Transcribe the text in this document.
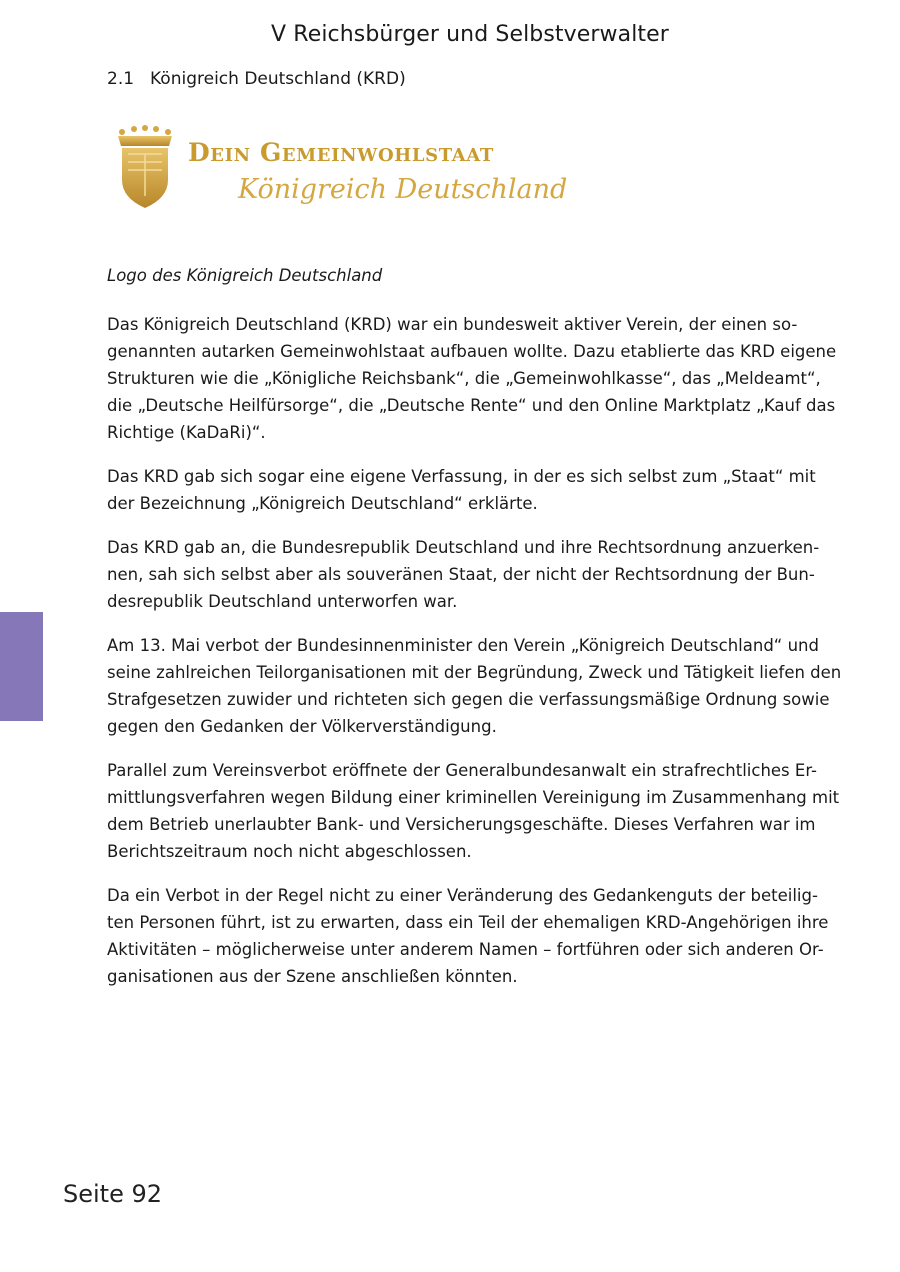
V Reichsbürger und Selbstverwalter
2.1 Königreich Deutschland (KRD)
Dein Gemeinwohlstaat
Königreich Deutschland
Logo des Königreich Deutschland

Das Königreich Deutschland (KRD) war ein bundesweit aktiver Verein, der einen so-genannten autarken Gemeinwohlstaat aufbauen wollte. Dazu etablierte das KRD eigene Strukturen wie die „Königliche Reichsbank“, die „Gemeinwohlkasse“, das „Meldeamt“, die „Deutsche Heilfürsorge“, die „Deutsche Rente“ und den Online Marktplatz „Kauf das Richtige (KaDaRi)“.

Das KRD gab sich sogar eine eigene Verfassung, in der es sich selbst zum „Staat“ mit der Bezeichnung „Königreich Deutschland“ erklärte.

Das KRD gab an, die Bundesrepublik Deutschland und ihre Rechtsordnung anzuerken-nen, sah sich selbst aber als souveränen Staat, der nicht der Rechtsordnung der Bun-desrepublik Deutschland unterworfen war.

Am 13. Mai verbot der Bundesinnenminister den Verein „Königreich Deutschland“ und seine zahlreichen Teilorganisationen mit der Begründung, Zweck und Tätigkeit liefen den Strafgesetzen zuwider und richteten sich gegen die verfassungsmäßige Ordnung sowie gegen den Gedanken der Völkerverständigung.

Parallel zum Vereinsverbot eröffnete der Generalbundesanwalt ein strafrechtliches Er-mittlungsverfahren wegen Bildung einer kriminellen Vereinigung im Zusammenhang mit dem Betrieb unerlaubter Bank- und Versicherungsgeschäfte. Dieses Verfahren war im Berichtszeitraum noch nicht abgeschlossen.

Da ein Verbot in der Regel nicht zu einer Veränderung des Gedankenguts der beteilig-ten Personen führt, ist zu erwarten, dass ein Teil der ehemaligen KRD-Angehörigen ihre Aktivitäten – möglicherweise unter anderem Namen – fortführen oder sich anderen Or-ganisationen aus der Szene anschließen könnten.

Seite 92
